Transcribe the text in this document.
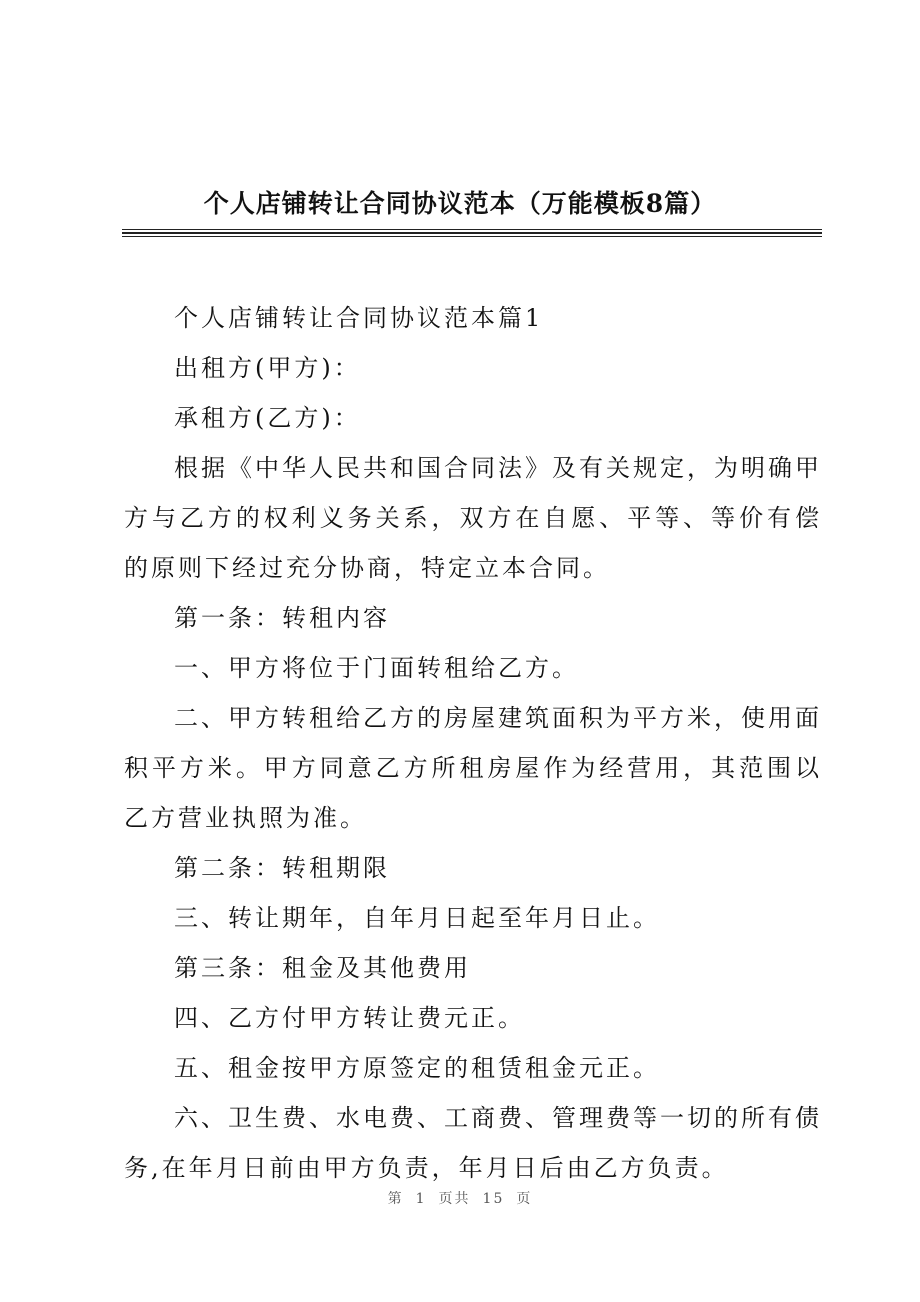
个人店铺转让合同协议范本（万能模板8篇）

个人店铺转让合同协议范本篇1

出租方(甲方)：

承租方(乙方)：

根据《中华人民共和国合同法》及有关规定，为明确甲方与乙方的权利义务关系，双方在自愿、平等、等价有偿的原则下经过充分协商，特定立本合同。

第一条：转租内容

一、甲方将位于门面转租给乙方。

二、甲方转租给乙方的房屋建筑面积为平方米，使用面积平方米。甲方同意乙方所租房屋作为经营用，其范围以乙方营业执照为准。

第二条：转租期限

三、转让期年，自年月日起至年月日止。

第三条：租金及其他费用

四、乙方付甲方转让费元正。

五、租金按甲方原签定的租赁租金元正。

六、卫生费、水电费、工商费、管理费等一切的所有债务,在年月日前由甲方负责，年月日后由乙方负责。

第 1 页共 15 页
